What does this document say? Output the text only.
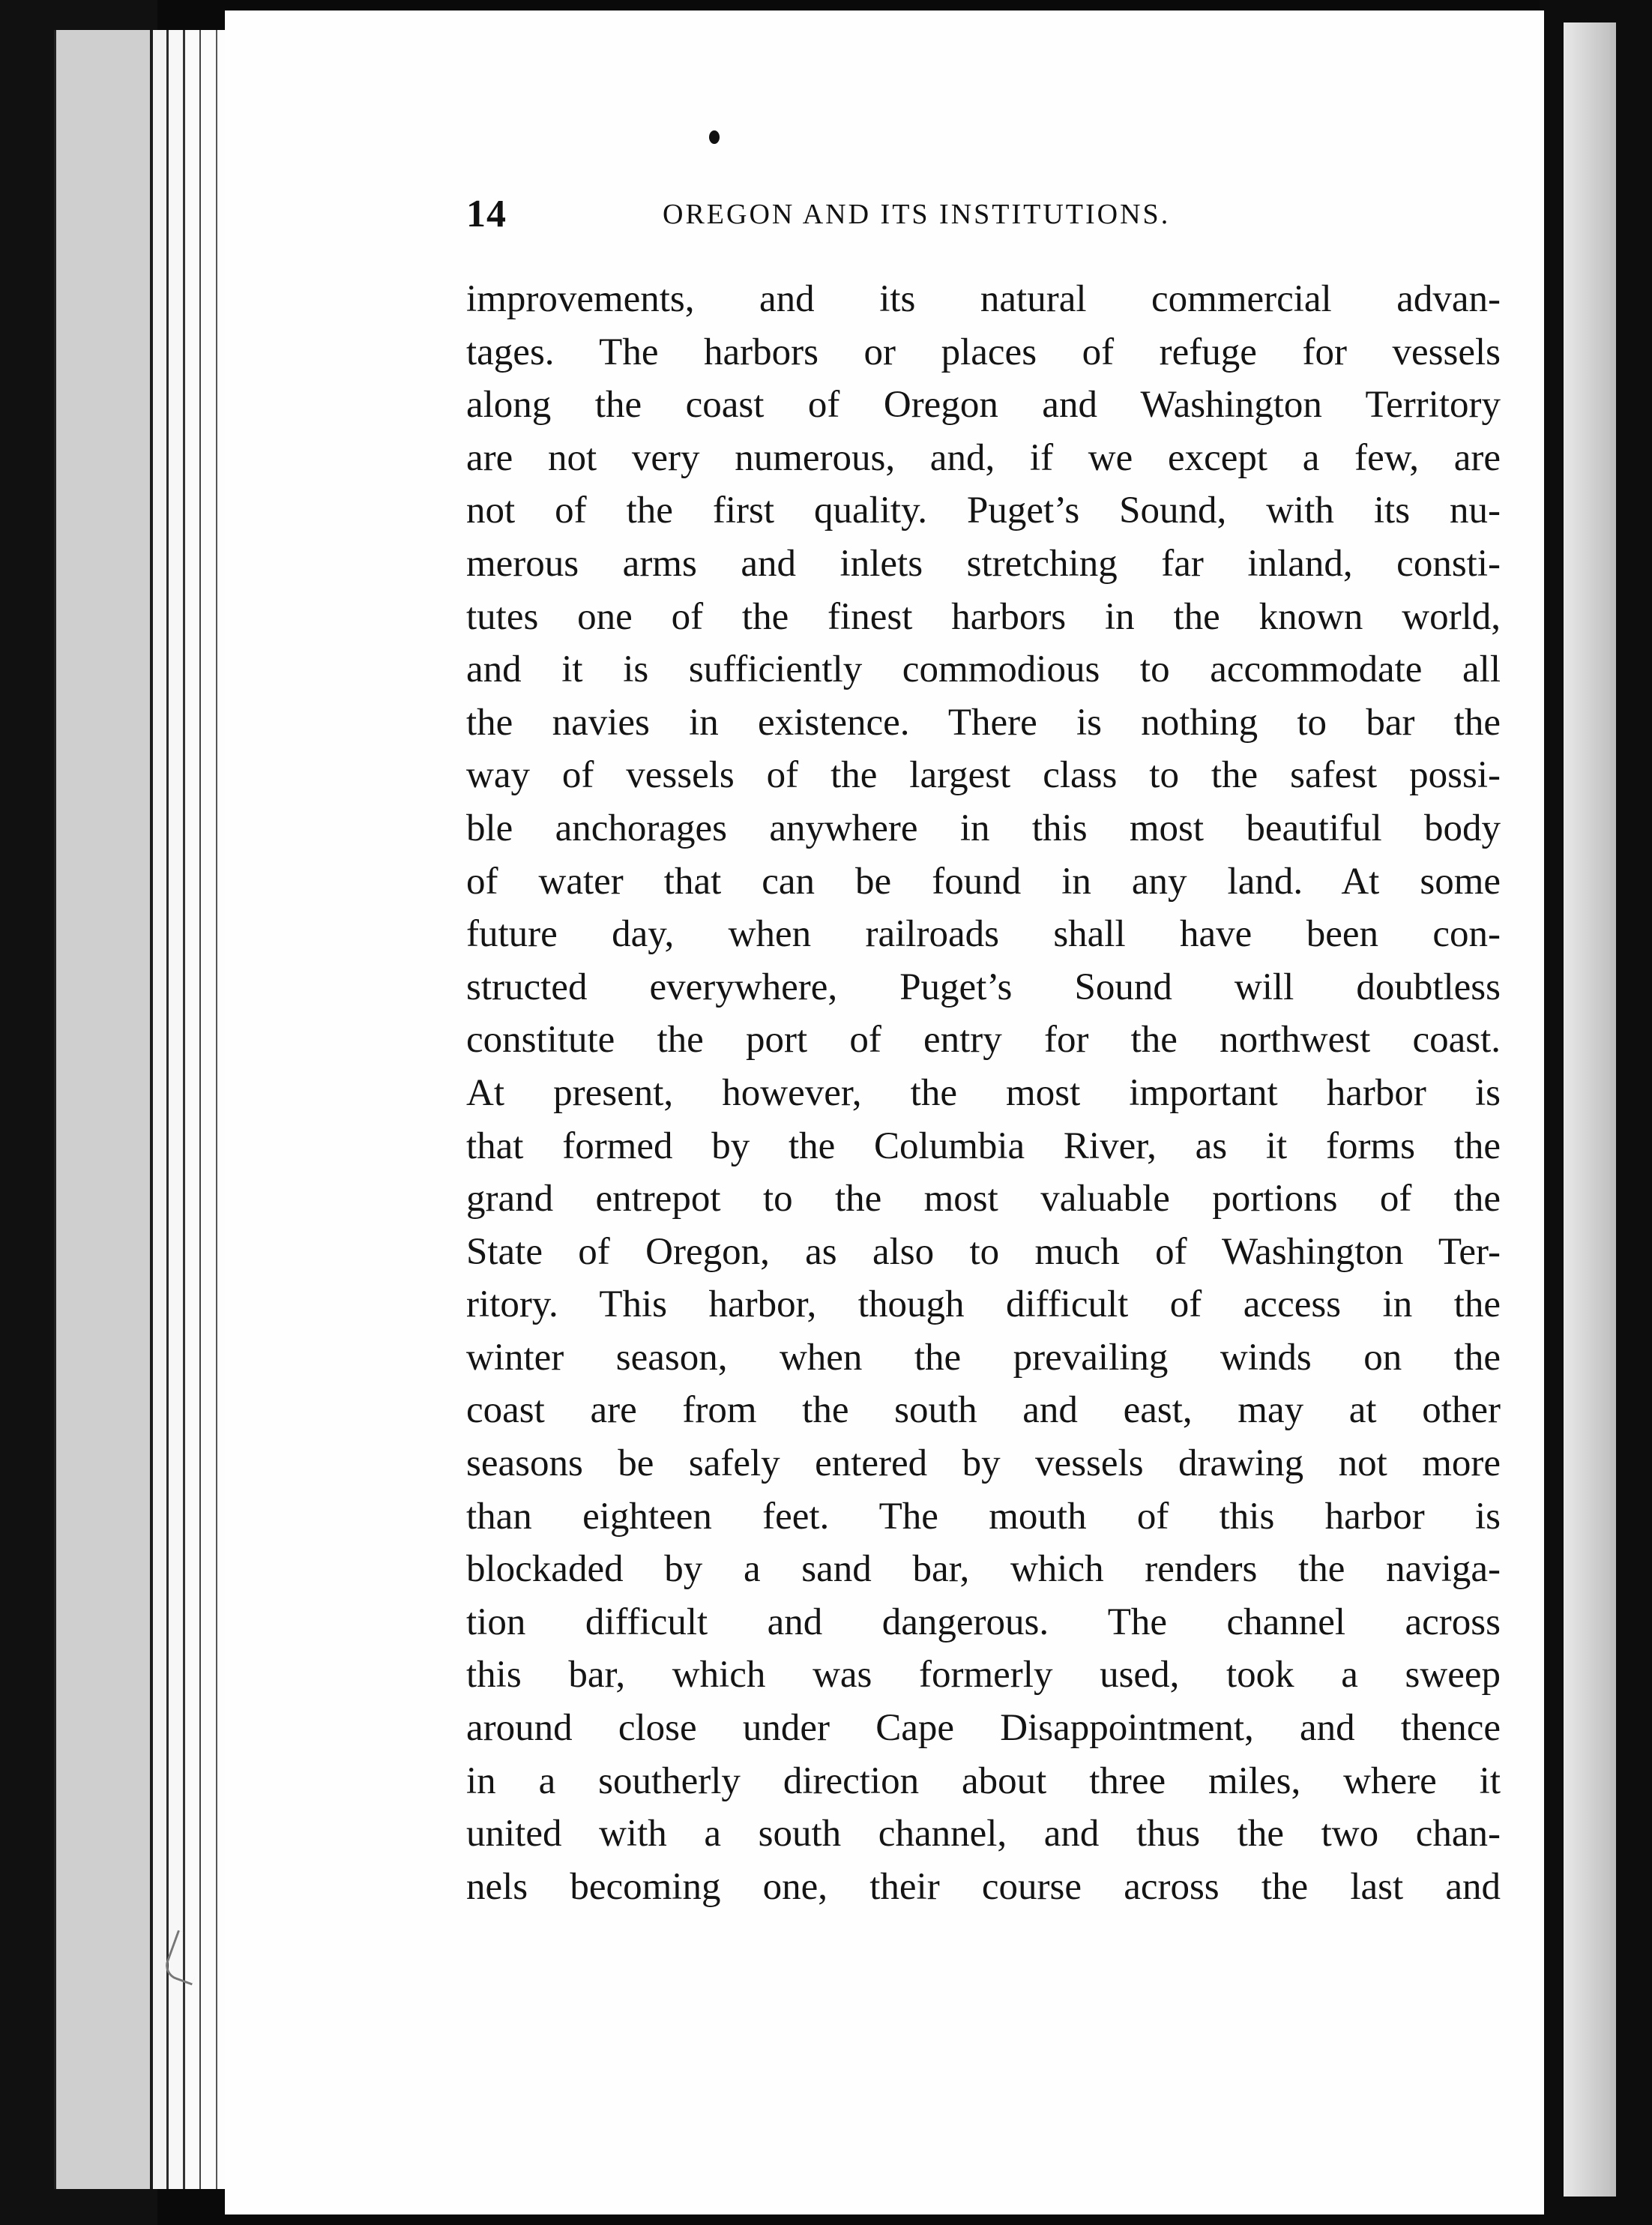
14	OREGON AND ITS INSTITUTIONS.
improvements, and its natural commercial advan-
tages. The harbors or places of refuge for vessels
along the coast of Oregon and Washington Territory
are not very numerous, and, if we except a few, are
not of the first quality. Puget’s Sound, with its nu-
merous arms and inlets stretching far inland, consti-
tutes one of the finest harbors in the known world,
and it is sufficiently commodious to accommodate all
the navies in existence. There is nothing to bar the
way of vessels of the largest class to the safest possi-
ble anchorages anywhere in this most beautiful body
of water that can be found in any land. At some
future day, when railroads shall have been con-
structed everywhere, Puget’s Sound will doubtless
constitute the port of entry for the northwest coast.
At present, however, the most important harbor is
that formed by the Columbia River, as it forms the
grand entrepot to the most valuable portions of the
State of Oregon, as also to much of Washington Ter-
ritory. This harbor, though difficult of access in the
winter season, when the prevailing winds on the
coast are from the south and east, may at other
seasons be safely entered by vessels drawing not more
than eighteen feet. The mouth of this harbor is
blockaded by a sand bar, which renders the naviga-
tion difficult and dangerous. The channel across
this bar, which was formerly used, took a sweep
around close under Cape Disappointment, and thence
in a southerly direction about three miles, where it
united with a south channel, and thus the two chan-
nels becoming one, their course across the last and
